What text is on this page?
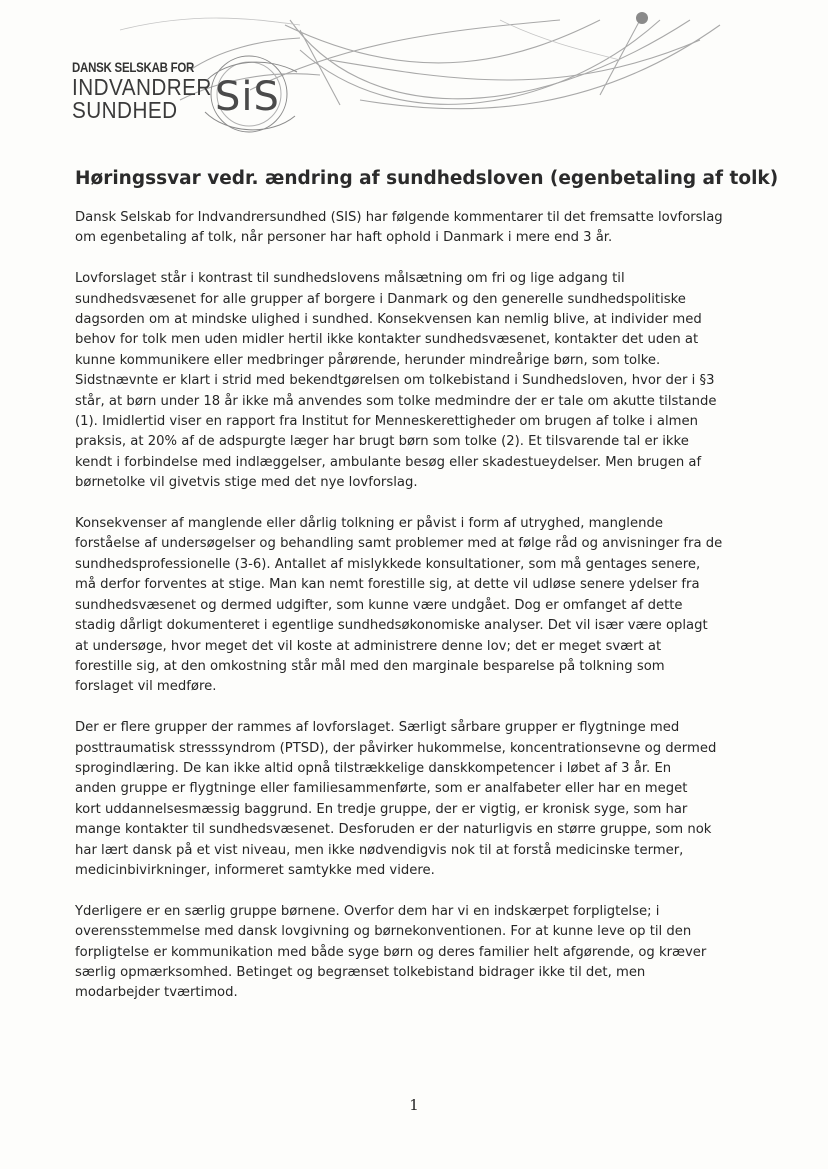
DANSK SELSKAB FOR
INDVANDRER
SUNDHED SiS
Høringssvar vedr. ændring af sundhedsloven (egenbetaling af tolk)

Dansk Selskab for Indvandrersundhed (SIS) har følgende kommentarer til det fremsatte lovforslag
om egenbetaling af tolk, når personer har haft ophold i Danmark i mere end 3 år.

Lovforslaget står i kontrast til sundhedslovens målsætning om fri og lige adgang til
sundhedsvæsenet for alle grupper af borgere i Danmark og den generelle sundhedspolitiske
dagsorden om at mindske ulighed i sundhed. Konsekvensen kan nemlig blive, at individer med
behov for tolk men uden midler hertil ikke kontakter sundhedsvæsenet, kontakter det uden at
kunne kommunikere eller medbringer pårørende, herunder mindreårige børn, som tolke.
Sidstnævnte er klart i strid med bekendtgørelsen om tolkebistand i Sundhedsloven, hvor der i §3
står, at børn under 18 år ikke må anvendes som tolke medmindre der er tale om akutte tilstande
(1). Imidlertid viser en rapport fra Institut for Menneskerettigheder om brugen af tolke i almen
praksis, at 20% af de adspurgte læger har brugt børn som tolke (2). Et tilsvarende tal er ikke
kendt i forbindelse med indlæggelser, ambulante besøg eller skadestueydelser. Men brugen af
børnetolke vil givetvis stige med det nye lovforslag.

Konsekvenser af manglende eller dårlig tolkning er påvist i form af utryghed, manglende
forståelse af undersøgelser og behandling samt problemer med at følge råd og anvisninger fra de
sundhedsprofessionelle (3-6). Antallet af mislykkede konsultationer, som må gentages senere,
må derfor forventes at stige. Man kan nemt forestille sig, at dette vil udløse senere ydelser fra
sundhedsvæsenet og dermed udgifter, som kunne være undgået. Dog er omfanget af dette
stadig dårligt dokumenteret i egentlige sundhedsøkonomiske analyser. Det vil især være oplagt
at undersøge, hvor meget det vil koste at administrere denne lov; det er meget svært at
forestille sig, at den omkostning står mål med den marginale besparelse på tolkning som
forslaget vil medføre.

Der er flere grupper der rammes af lovforslaget. Særligt sårbare grupper er flygtninge med
posttraumatisk stresssyndrom (PTSD), der påvirker hukommelse, koncentrationsevne og dermed
sprogindlæring. De kan ikke altid opnå tilstrækkelige danskkompetencer i løbet af 3 år. En
anden gruppe er flygtninge eller familiesammenførte, som er analfabeter eller har en meget
kort uddannelsesmæssig baggrund. En tredje gruppe, der er vigtig, er kronisk syge, som har
mange kontakter til sundhedsvæsenet. Desforuden er der naturligvis en større gruppe, som nok
har lært dansk på et vist niveau, men ikke nødvendigvis nok til at forstå medicinske termer,
medicinbivirkninger, informeret samtykke med videre.

Yderligere er en særlig gruppe børnene. Overfor dem har vi en indskærpet forpligtelse; i
overensstemmelse med dansk lovgivning og børnekonventionen. For at kunne leve op til den
forpligtelse er kommunikation med både syge børn og deres familier helt afgørende, og kræver
særlig opmærksomhed. Betinget og begrænset tolkebistand bidrager ikke til det, men
modarbejder tværtimod.

1
